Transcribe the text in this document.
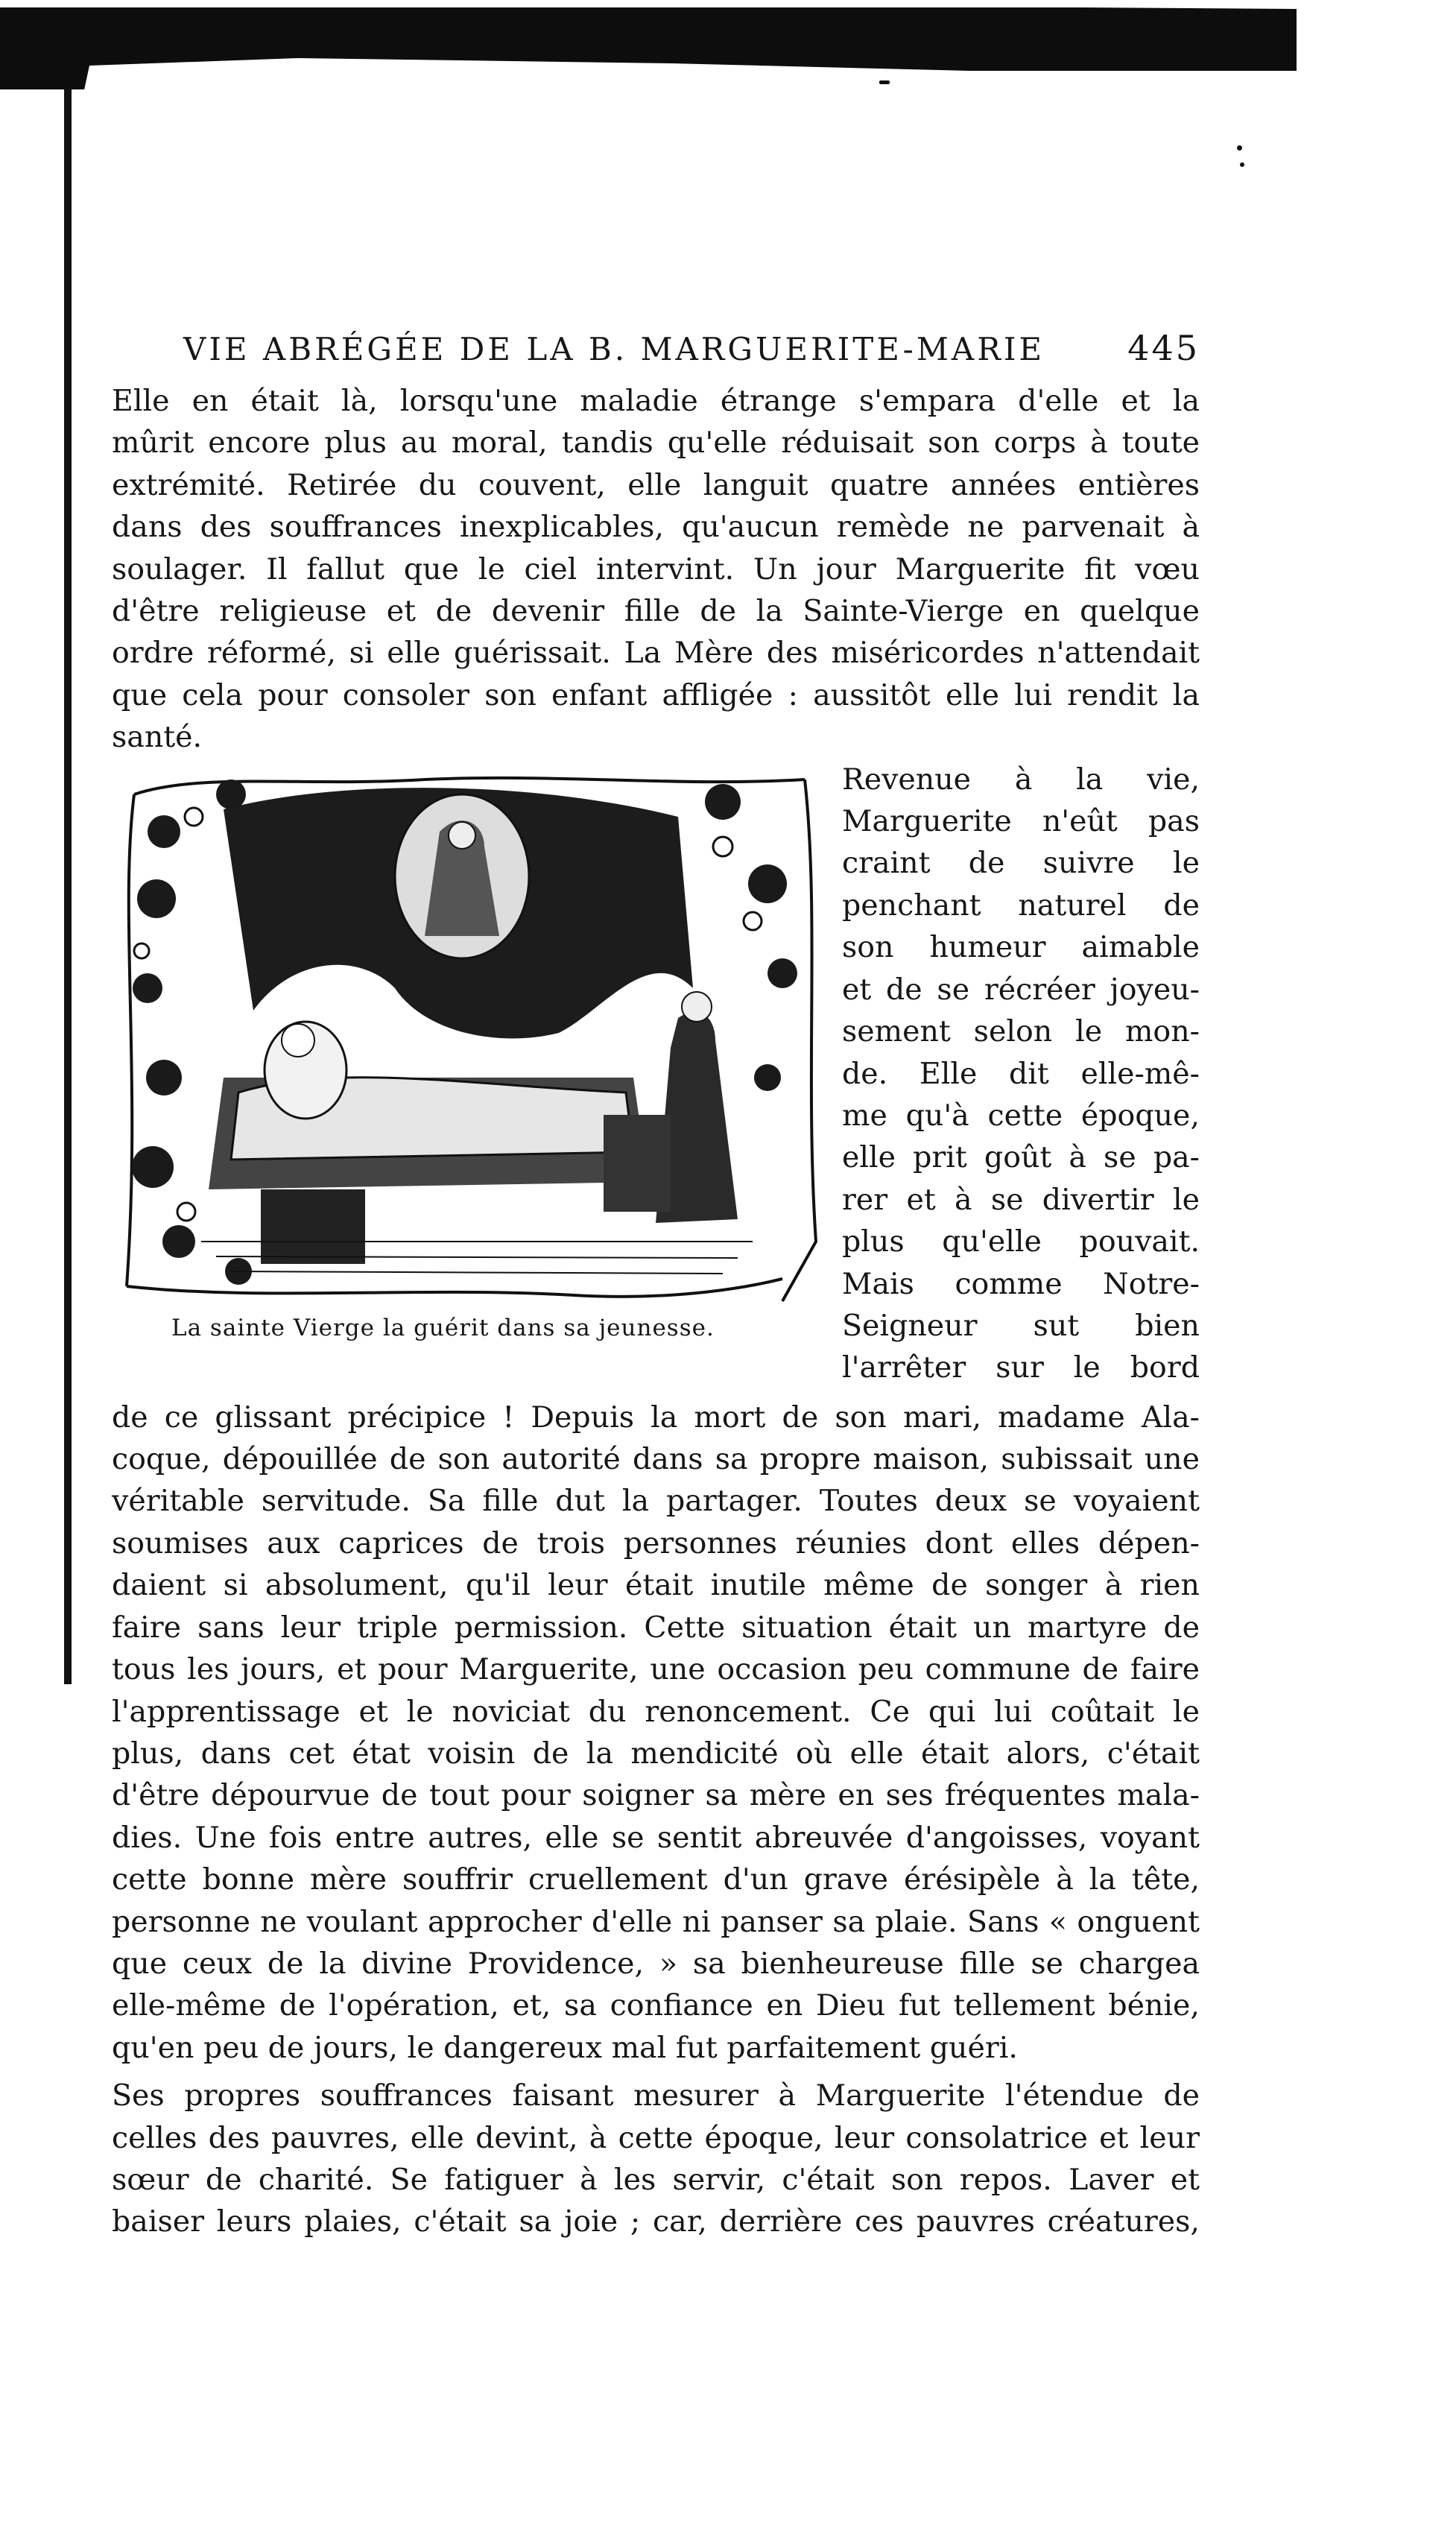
VIE ABRÉGÉE DE LA B. MARGUERITE-MARIE 445

Elle en était là, lorsqu'une maladie étrange s'empara d'elle et la
mûrit encore plus au moral, tandis qu'elle réduisait son corps à toute
extrémité. Retirée du couvent, elle languit quatre années entières
dans des souffrances inexplicables, qu'aucun remède ne parvenait à
soulager. Il fallut que le ciel intervint. Un jour Marguerite fit vœu
d'être religieuse et de devenir fille de la Sainte-Vierge en quelque
ordre réformé, si elle guérissait. La Mère des miséricordes n'attendait
que cela pour consoler son enfant affligée : aussitôt elle lui rendit la
santé.

La sainte Vierge la guérit dans sa jeunesse.
Revenue à la vie,
Marguerite n'eût pas
craint de suivre le
penchant naturel de
son humeur aimable
et de se récréer joyeu-
sement selon le mon-
de. Elle dit elle-mê-
me qu'à cette époque,
elle prit goût à se pa-
rer et à se divertir le
plus qu'elle pouvait.
Mais comme Notre-
Seigneur sut bien
l'arrêter sur le bord

de ce glissant précipice ! Depuis la mort de son mari, madame Ala-
coque, dépouillée de son autorité dans sa propre maison, subissait une
véritable servitude. Sa fille dut la partager. Toutes deux se voyaient
soumises aux caprices de trois personnes réunies dont elles dépen-
daient si absolument, qu'il leur était inutile même de songer à rien
faire sans leur triple permission. Cette situation était un martyre de
tous les jours, et pour Marguerite, une occasion peu commune de faire
l'apprentissage et le noviciat du renoncement. Ce qui lui coûtait le
plus, dans cet état voisin de la mendicité où elle était alors, c'était
d'être dépourvue de tout pour soigner sa mère en ses fréquentes mala-
dies. Une fois entre autres, elle se sentit abreuvée d'angoisses, voyant
cette bonne mère souffrir cruellement d'un grave érésipèle à la tête,
personne ne voulant approcher d'elle ni panser sa plaie. Sans « onguent
que ceux de la divine Providence, » sa bienheureuse fille se chargea
elle-même de l'opération, et, sa confiance en Dieu fut tellement bénie,
qu'en peu de jours, le dangereux mal fut parfaitement guéri.

Ses propres souffrances faisant mesurer à Marguerite l'étendue de
celles des pauvres, elle devint, à cette époque, leur consolatrice et leur
sœur de charité. Se fatiguer à les servir, c'était son repos. Laver et
baiser leurs plaies, c'était sa joie ; car, derrière ces pauvres créatures,
